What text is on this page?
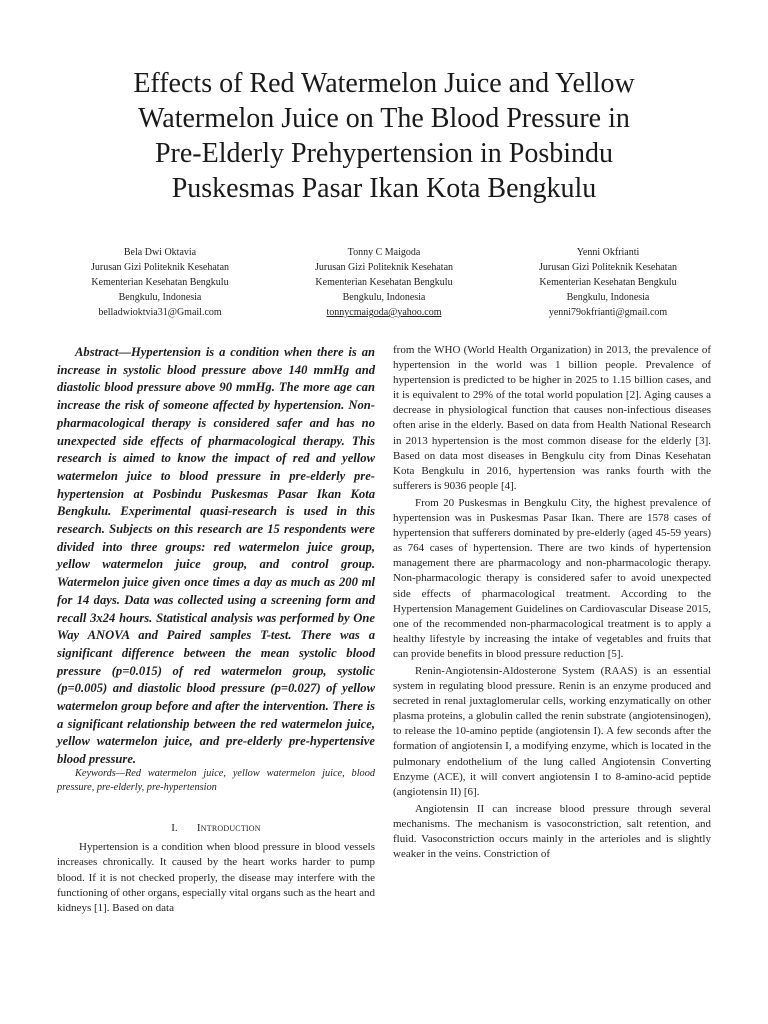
Effects of Red Watermelon Juice and Yellow
Watermelon Juice on The Blood Pressure in
Pre-Elderly Prehypertension in Posbindu
Puskesmas Pasar Ikan Kota Bengkulu
Bela Dwi Oktavia
Jurusan Gizi Politeknik Kesehatan
Kementerian Kesehatan Bengkulu
Bengkulu, Indonesia
belladwioktvia31@Gmail.com
Tonny C Maigoda
Jurusan Gizi Politeknik Kesehatan
Kementerian Kesehatan Bengkulu
Bengkulu, Indonesia
tonnycmaigoda@yahoo.com
Yenni Okfrianti
Jurusan Gizi Politeknik Kesehatan
Kementerian Kesehatan Bengkulu
Bengkulu, Indonesia
yenni79okfrianti@gmail.com

Abstract—Hypertension is a condition when there is an increase in systolic blood pressure above 140 mmHg and diastolic blood pressure above 90 mmHg. The more age can increase the risk of someone affected by hypertension. Non-pharmacological therapy is considered safer and has no unexpected side effects of pharmacological therapy. This research is aimed to know the impact of red and yellow watermelon juice to blood pressure in pre-elderly pre-hypertension at Posbindu Puskesmas Pasar Ikan Kota Bengkulu. Experimental quasi-research is used in this research. Subjects on this research are 15 respondents were divided into three groups: red watermelon juice group, yellow watermelon juice group, and control group. Watermelon juice given once times a day as much as 200 ml for 14 days. Data was collected using a screening form and recall 3x24 hours. Statistical analysis was performed by One Way ANOVA and Paired samples T-test. There was a significant difference between the mean systolic blood pressure (p=0.015) of red watermelon group, systolic (p=0.005) and diastolic blood pressure (p=0.027) of yellow watermelon group before and after the intervention. There is a significant relationship between the red watermelon juice, yellow watermelon juice, and pre-elderly pre-hypertensive blood pressure.

Keywords—Red watermelon juice, yellow watermelon juice, blood pressure, pre-elderly, pre-hypertension

I. Introduction

Hypertension is a condition when blood pressure in blood vessels increases chronically. It caused by the heart works harder to pump blood. If it is not checked properly, the disease may interfere with the functioning of other organs, especially vital organs such as the heart and kidneys [1]. Based on data

from the WHO (World Health Organization) in 2013, the prevalence of hypertension in the world was 1 billion people. Prevalence of hypertension is predicted to be higher in 2025 to 1.15 billion cases, and it is equivalent to 29% of the total world population [2]. Aging causes a decrease in physiological function that causes non-infectious diseases often arise in the elderly. Based on data from Health National Research in 2013 hypertension is the most common disease for the elderly [3]. Based on data most diseases in Bengkulu city from Dinas Kesehatan Kota Bengkulu in 2016, hypertension was ranks fourth with the sufferers is 9036 people [4].

From 20 Puskesmas in Bengkulu City, the highest prevalence of hypertension was in Puskesmas Pasar Ikan. There are 1578 cases of hypertension that sufferers dominated by pre-elderly (aged 45-59 years) as 764 cases of hypertension. There are two kinds of hypertension management there are pharmacology and non-pharmacologic therapy. Non-pharmacologic therapy is considered safer to avoid unexpected side effects of pharmacological treatment. According to the Hypertension Management Guidelines on Cardiovascular Disease 2015, one of the recommended non-pharmacological treatment is to apply a healthy lifestyle by increasing the intake of vegetables and fruits that can provide benefits in blood pressure reduction [5].

Renin-Angiotensin-Aldosterone System (RAAS) is an essential system in regulating blood pressure. Renin is an enzyme produced and secreted in renal juxtaglomerular cells, working enzymatically on other plasma proteins, a globulin called the renin substrate (angiotensinogen), to release the 10-amino peptide (angiotensin I). A few seconds after the formation of angiotensin I, a modifying enzyme, which is located in the pulmonary endothelium of the lung called Angiotensin Converting Enzyme (ACE), it will convert angiotensin I to 8-amino-acid peptide (angiotensin II) [6].

Angiotensin II can increase blood pressure through several mechanisms. The mechanism is vasoconstriction, salt retention, and fluid. Vasoconstriction occurs mainly in the arterioles and is slightly weaker in the veins. Constriction of
